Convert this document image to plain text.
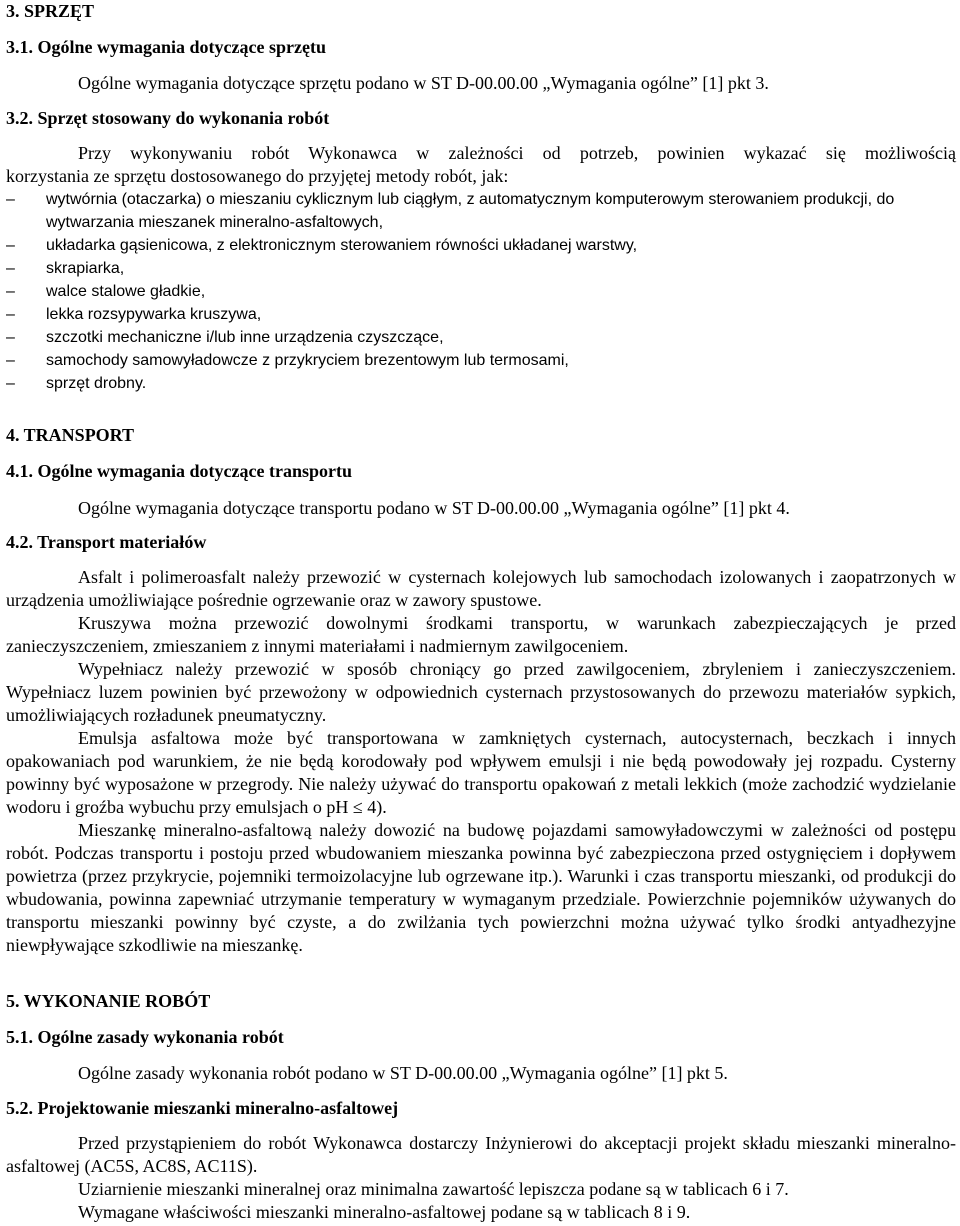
3. SPRZĘT
3.1. Ogólne wymagania dotyczące sprzętu
Ogólne wymagania dotyczące sprzętu podano w ST D-00.00.00 „Wymagania ogólne” [1] pkt 3.
3.2. Sprzęt stosowany do wykonania robót

Przy wykonywaniu robót Wykonawca w zależności od potrzeb, powinien wykazać się możliwością

korzystania ze sprzętu dostosowanego do przyjętej metody robót, jak:

– wytwórnia (otaczarka) o mieszaniu cyklicznym lub ciągłym, z automatycznym komputerowym sterowaniem produkcji, do wytwarzania mieszanek mineralno-asfaltowych,
– układarka gąsienicowa, z elektronicznym sterowaniem równości układanej warstwy,
– skrapiarka,
– walce stalowe gładkie,
– lekka rozsypywarka kruszywa,
– szczotki mechaniczne i/lub inne urządzenia czyszczące,
– samochody samowyładowcze z przykryciem brezentowym lub termosami,
– sprzęt drobny.
4. TRANSPORT
4.1. Ogólne wymagania dotyczące transportu
Ogólne wymagania dotyczące transportu podano w ST D-00.00.00 „Wymagania ogólne” [1] pkt 4.
4.2. Transport materiałów

Asfalt i polimeroasfalt należy przewozić w cysternach kolejowych lub samochodach izolowanych i zaopatrzonych w urządzenia umożliwiające pośrednie ogrzewanie oraz w zawory spustowe.

Kruszywa można przewozić dowolnymi środkami transportu, w warunkach zabezpieczających je przed zanieczyszczeniem, zmieszaniem z innymi materiałami i nadmiernym zawilgoceniem.

Wypełniacz należy przewozić w sposób chroniący go przed zawilgoceniem, zbryleniem i zanieczyszczeniem. Wypełniacz luzem powinien być przewożony w odpowiednich cysternach przystosowanych do przewozu materiałów sypkich, umożliwiających rozładunek pneumatyczny.

Emulsja asfaltowa może być transportowana w zamkniętych cysternach, autocysternach, beczkach i innych opakowaniach pod warunkiem, że nie będą korodowały pod wpływem emulsji i nie będą powodowały jej rozpadu. Cysterny powinny być wyposażone w przegrody. Nie należy używać do transportu opakowań z metali lekkich (może zachodzić wydzielanie wodoru i groźba wybuchu przy emulsjach o pH ≤ 4).

Mieszankę mineralno-asfaltową należy dowozić na budowę pojazdami samowyładowczymi w zależności od postępu robót. Podczas transportu i postoju przed wbudowaniem mieszanka powinna być zabezpieczona przed ostygnięciem i dopływem powietrza (przez przykrycie, pojemniki termoizolacyjne lub ogrzewane itp.). Warunki i czas transportu mieszanki, od produkcji do wbudowania, powinna zapewniać utrzymanie temperatury w wymaganym przedziale. Powierzchnie pojemników używanych do transportu mieszanki powinny być czyste, a do zwilżania tych powierzchni można używać tylko środki antyadhezyjne niewpływające szkodliwie na mieszankę.

5. WYKONANIE ROBÓT
5.1. Ogólne zasady wykonania robót
Ogólne zasady wykonania robót podano w ST D-00.00.00 „Wymagania ogólne” [1] pkt 5.
5.2. Projektowanie mieszanki mineralno-asfaltowej

Przed przystąpieniem do robót Wykonawca dostarczy Inżynierowi do akceptacji projekt składu mieszanki mineralno-asfaltowej (AC5S, AC8S, AC11S).

Uziarnienie mieszanki mineralnej oraz minimalna zawartość lepiszcza podane są w tablicach 6 i 7.

Wymagane właściwości mieszanki mineralno-asfaltowej podane są w tablicach 8 i 9.
